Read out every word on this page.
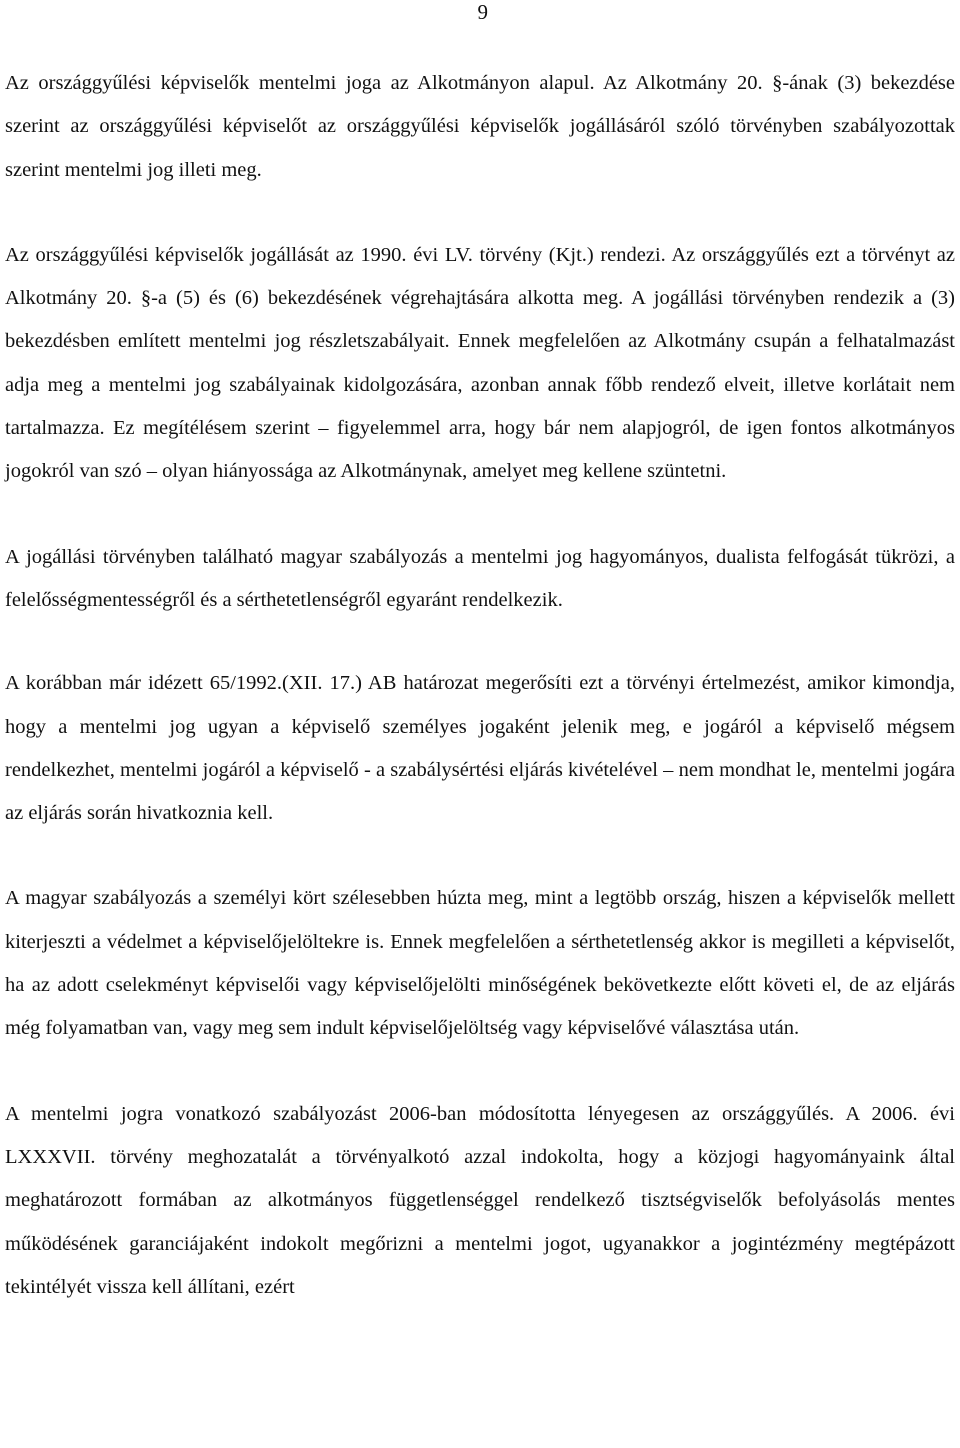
9

Az országgyűlési képviselők mentelmi joga az Alkotmányon alapul. Az Alkotmány 20. §-ának (3) bekezdése szerint az országgyűlési képviselőt az országgyűlési képviselők jogállásáról szóló törvényben szabályozottak szerint mentelmi jog illeti meg.

Az országgyűlési képviselők jogállását az 1990. évi LV. törvény (Kjt.) rendezi. Az országgyűlés ezt a törvényt az Alkotmány 20. §-a (5) és (6) bekezdésének végrehajtására alkotta meg. A jogállási törvényben rendezik a (3) bekezdésben említett mentelmi jog részletszabályait. Ennek megfelelően az Alkotmány csupán a felhatalmazást adja meg a mentelmi jog szabályainak kidolgozására, azonban annak főbb rendező elveit, illetve korlátait nem tartalmazza. Ez megítélésem szerint – figyelemmel arra, hogy bár nem alapjogról, de igen fontos alkotmányos jogokról van szó – olyan hiányossága az Alkotmánynak, amelyet meg kellene szüntetni.

A jogállási törvényben található magyar szabályozás a mentelmi jog hagyományos, dualista felfogását tükrözi, a felelősségmentességről és a sérthetetlenségről egyaránt rendelkezik.

A korábban már idézett 65/1992.(XII. 17.) AB határozat megerősíti ezt a törvényi értelmezést, amikor kimondja, hogy a mentelmi jog ugyan a képviselő személyes jogaként jelenik meg, e jogáról a képviselő mégsem rendelkezhet, mentelmi jogáról a képviselő - a szabálysértési eljárás kivételével – nem mondhat le, mentelmi jogára az eljárás során hivatkoznia kell.

A magyar szabályozás a személyi kört szélesebben húzta meg, mint a legtöbb ország, hiszen a képviselők mellett kiterjeszti a védelmet a képviselőjelöltekre is. Ennek megfelelően a sérthetetlenség akkor is megilleti a képviselőt, ha az adott cselekményt képviselői vagy képviselőjelölti minőségének bekövetkezte előtt követi el, de az eljárás még folyamatban van, vagy meg sem indult képviselőjelöltség vagy képviselővé választása után.

A mentelmi jogra vonatkozó szabályozást 2006-ban módosította lényegesen az országgyűlés. A 2006. évi LXXXVII. törvény meghozatalát a törvényalkotó azzal indokolta, hogy a közjogi hagyományaink által meghatározott formában az alkotmányos függetlenséggel rendelkező tisztségviselők befolyásolás mentes működésének garanciájaként indokolt megőrizni a mentelmi jogot, ugyanakkor a jogintézmény megtépázott tekintélyét vissza kell állítani, ezért
